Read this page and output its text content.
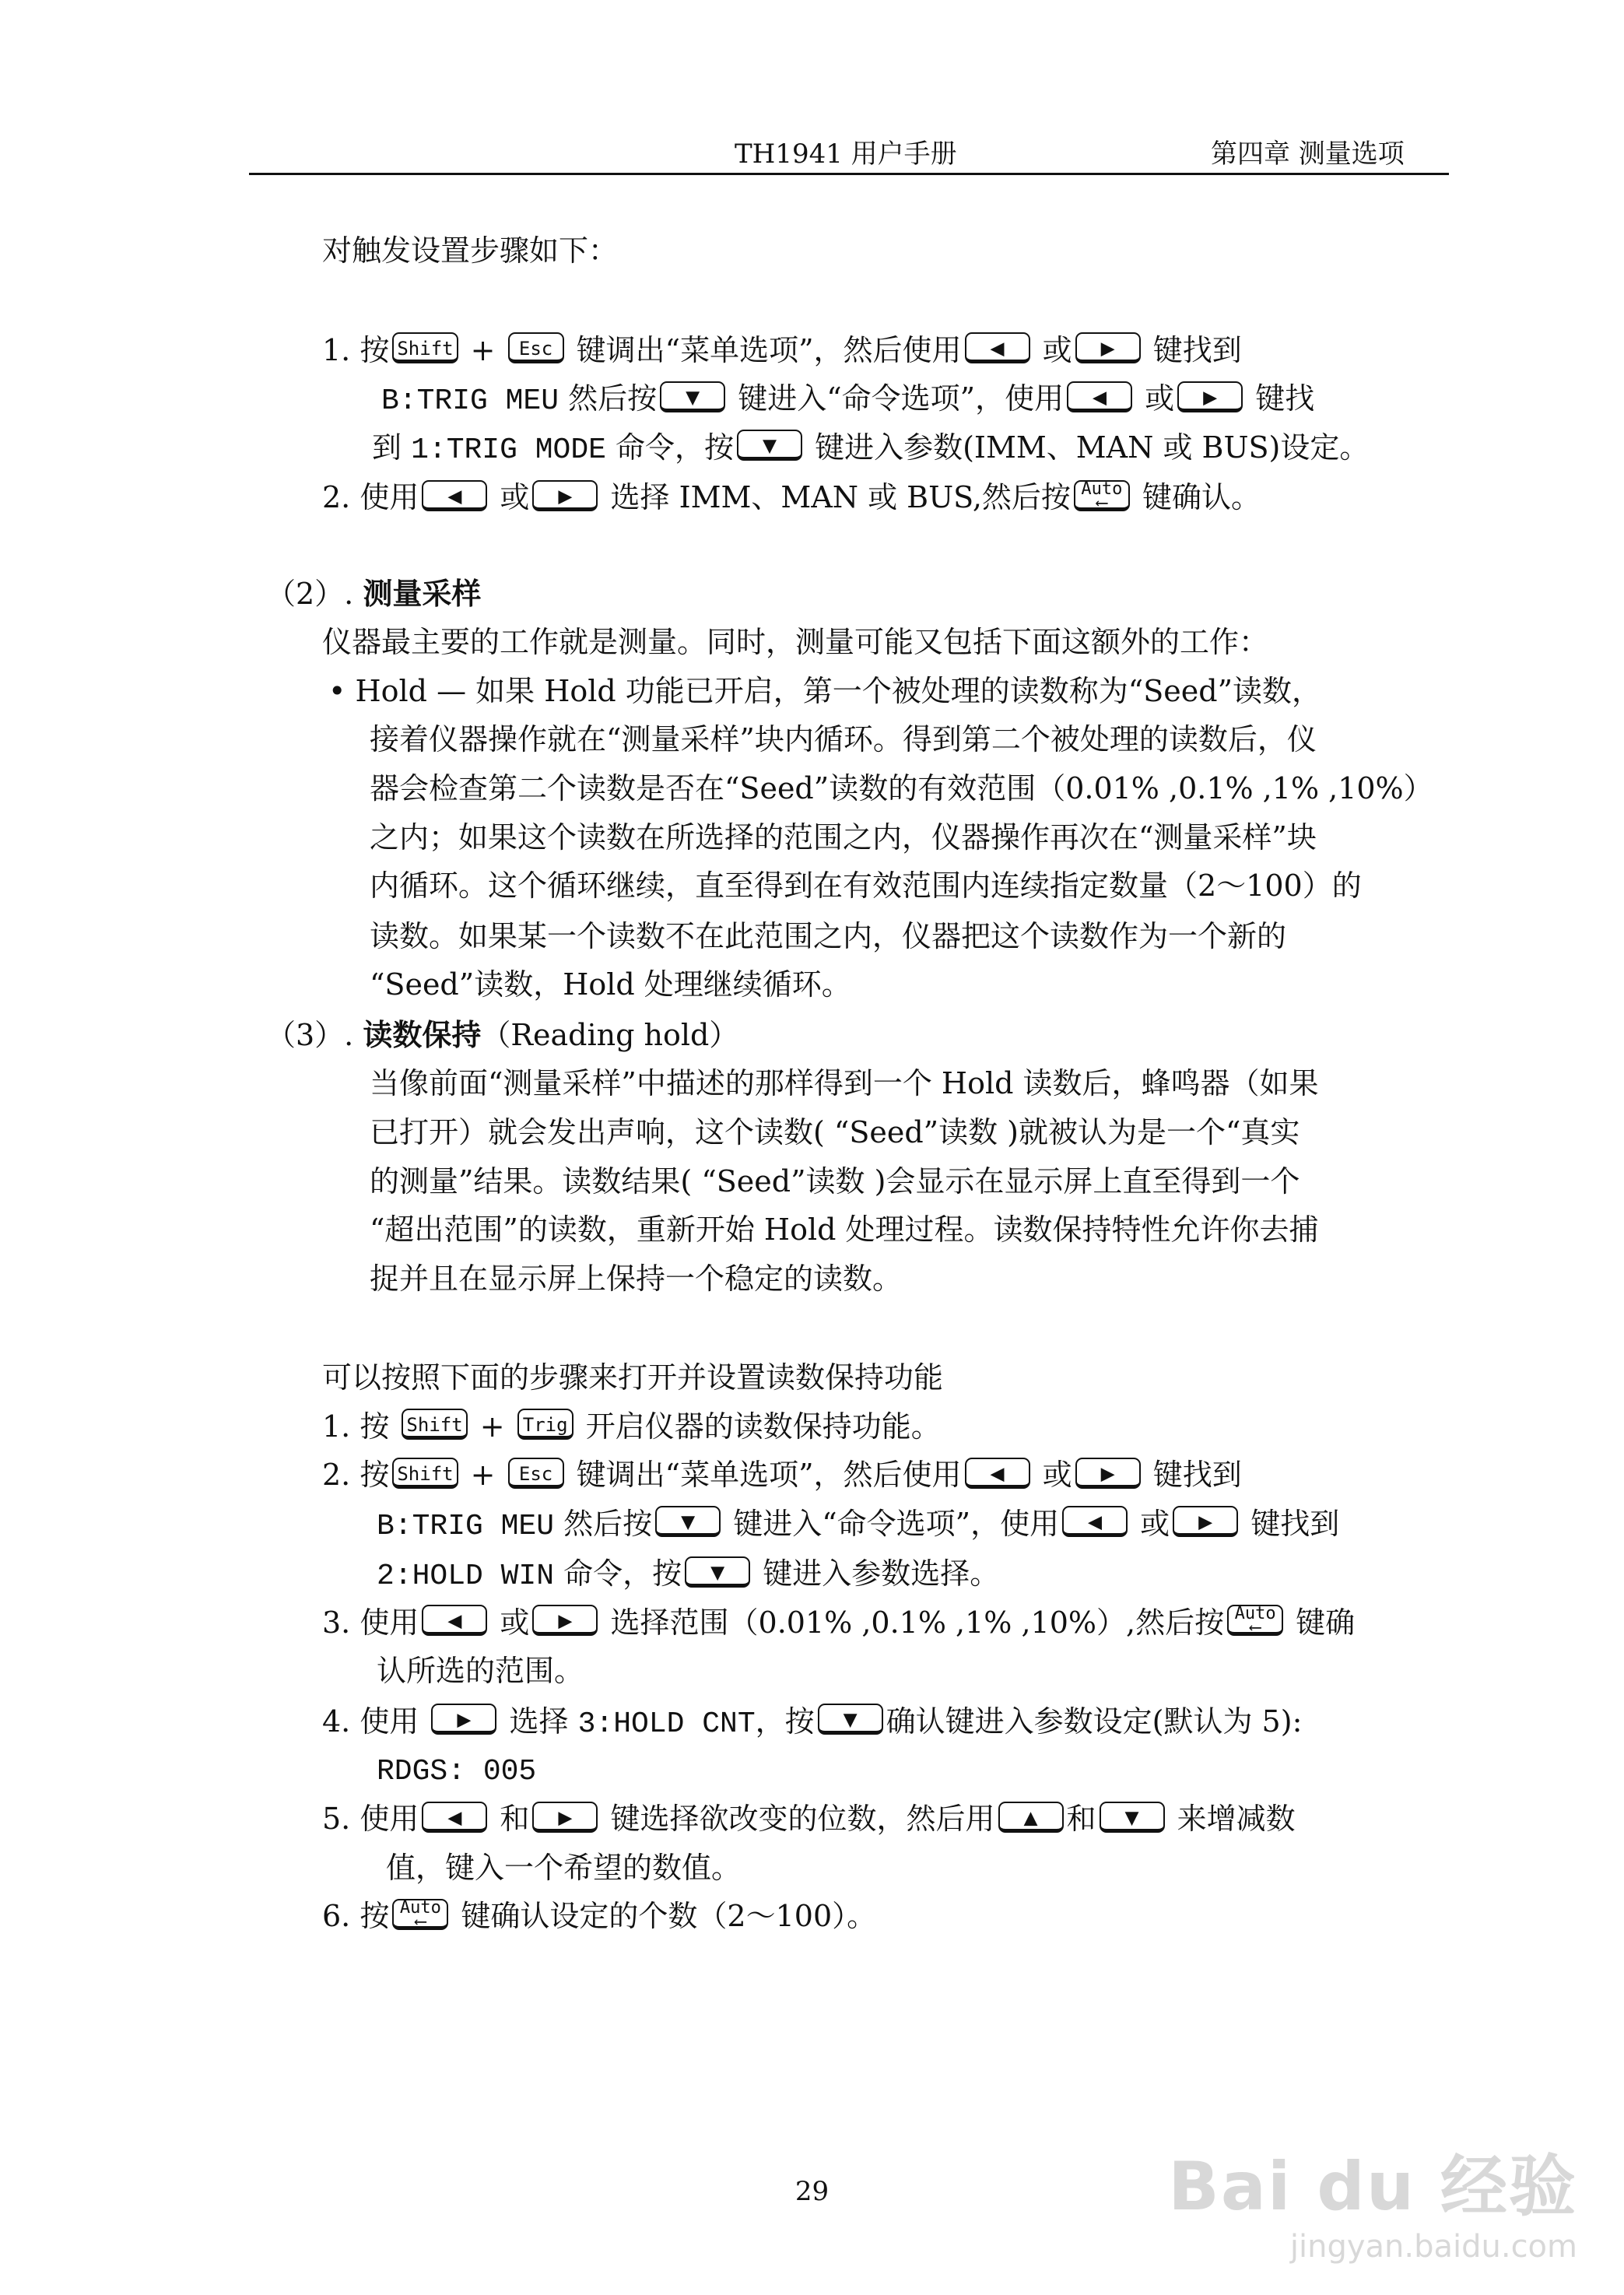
TH1941 用户手册	第四章 测量选项
对触发设置步骤如下：
1. 按 Shift + Esc 键调出“菜单选项”，然后使用 ◀ 或 ▶ 键找到
B:TRIG MEU 然后按 ▼ 键进入“命令选项”，使用 ◀ 或 ▶ 键找
到 1:TRIG MODE 命令，按 ▼ 键进入参数(IMM、MAN 或 BUS)设定。
2. 使用 ◀ 或 ▶ 选择 IMM、MAN 或 BUS,然后按 Auto
⟵ 键确认。
（2）. 测量采样
仪器最主要的工作就是测量。同时，测量可能又包括下面这额外的工作：
• Hold — 如果 Hold 功能已开启，第一个被处理的读数称为“Seed”读数，
接着仪器操作就在“测量采样”块内循环。得到第二个被处理的读数后，仪
器会检查第二个读数是否在“Seed”读数的有效范围（0.01% ,0.1% ,1% ,10%）
之内；如果这个读数在所选择的范围之内，仪器操作再次在“测量采样”块
内循环。这个循环继续，直至得到在有效范围内连续指定数量（2～100）的
读数。如果某一个读数不在此范围之内，仪器把这个读数作为一个新的
“Seed”读数，Hold 处理继续循环。
（3）. 读数保持（Reading hold）
当像前面“测量采样”中描述的那样得到一个 Hold 读数后，蜂鸣器（如果
已打开）就会发出声响，这个读数( “Seed”读数 )就被认为是一个“真实
的测量”结果。读数结果( “Seed”读数 )会显示在显示屏上直至得到一个
“超出范围”的读数，重新开始 Hold 处理过程。读数保持特性允许你去捕
捉并且在显示屏上保持一个稳定的读数。
可以按照下面的步骤来打开并设置读数保持功能
1. 按 Shift + Trig 开启仪器的读数保持功能。
2. 按 Shift + Esc 键调出“菜单选项”，然后使用 ◀ 或 ▶ 键找到
B:TRIG MEU 然后按 ▼ 键进入“命令选项”，使用 ◀ 或 ▶ 键找到
2:HOLD WIN 命令，按 ▼ 键进入参数选择。
3. 使用 ◀ 或 ▶ 选择范围（0.01% ,0.1% ,1% ,10%）,然后按 Auto
⟵ 键确
认所选的范围。
4. 使用 ▶ 选择 3:HOLD CNT，按 ▼ 确认键进入参数设定(默认为 5):
RDGS: 005
5. 使用 ◀ 和 ▶ 键选择欲改变的位数，然后用 ▲ 和 ▼ 来增减数
值，键入一个希望的数值。
6. 按 Auto
⟵ 键确认设定的个数（2～100）。
29	Bai du 经验
jingyan.baidu.com
